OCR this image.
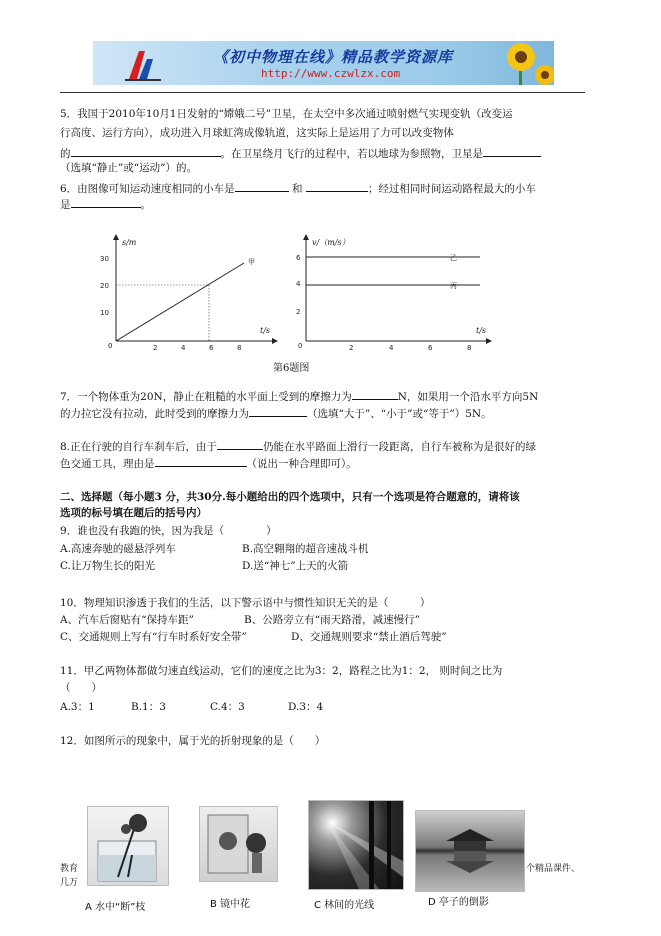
《初中物理在线》精品教学资源库
http://www.czwlzx.com
5．我国于2010年10月1日发射的“嫦娥二号”卫星，在太空中多次通过喷射燃气实现变轨（改变运
行高度、运行方向），成功进入月球虹湾成像轨道，这实际上是运用了力可以改变物体
的	。在卫星绕月飞行的过程中，若以地球为参照物，卫星是
（选填“静止”或“运动”）的。
6．由图像可知运动速度相同的小车是	和	；经过相同时间运动路程最大的小车
是	。
s/m
t/s
0
10
20
30
2	4	6	8
甲
v/（m/s）
t/s
0
2
4
6
2	4	6	8
乙
丙
第6题图
7．一个物体重为20N，静止在粗糙的水平面上受到的摩擦力为	N，如果用一个沿水平方向5N
的力拉它没有拉动，此时受到的摩擦力为	（选填“大于”、“小于”或“等于”）5N。
8.正在行驶的自行车刹车后，由于	仍能在水平路面上滑行一段距离，自行车被称为是很好的绿
色交通工具，理由是	（说出一种合理即可）。
二、选择题（每小题3 分，共30分.每小题给出的四个选项中，只有一个选项是符合题意的，请将该
选项的标号填在题后的括号内）
9．谁也没有我跑的快，因为我是（　　　　）
A.高速奔驰的磁悬浮列车	B.高空翱翔的超音速战斗机
C.让万物生长的阳光	D.送“神七”上天的火箭
10．物理知识渗透于我们的生活，以下警示语中与惯性知识无关的是（　　　）
A、汽车后窗贴有“保持车距”	B、公路旁立有“雨天路滑，减速慢行”
C、交通规则上写有“行车时系好安全带”	D、交通规则要求“禁止酒后驾驶”
11．甲乙两物体都做匀速直线运动，它们的速度之比为3：2，路程之比为1：2， 则时间之比为
（　　）
A.3：1	B.1：3	C.4：3	D.3：4
12．如图所示的现象中，属于光的折射现象的是（　　）
A 水中“断”枝	B 镜中花	C 林间的光线	D 亭子的倒影
教育
几万
个精品课件、
